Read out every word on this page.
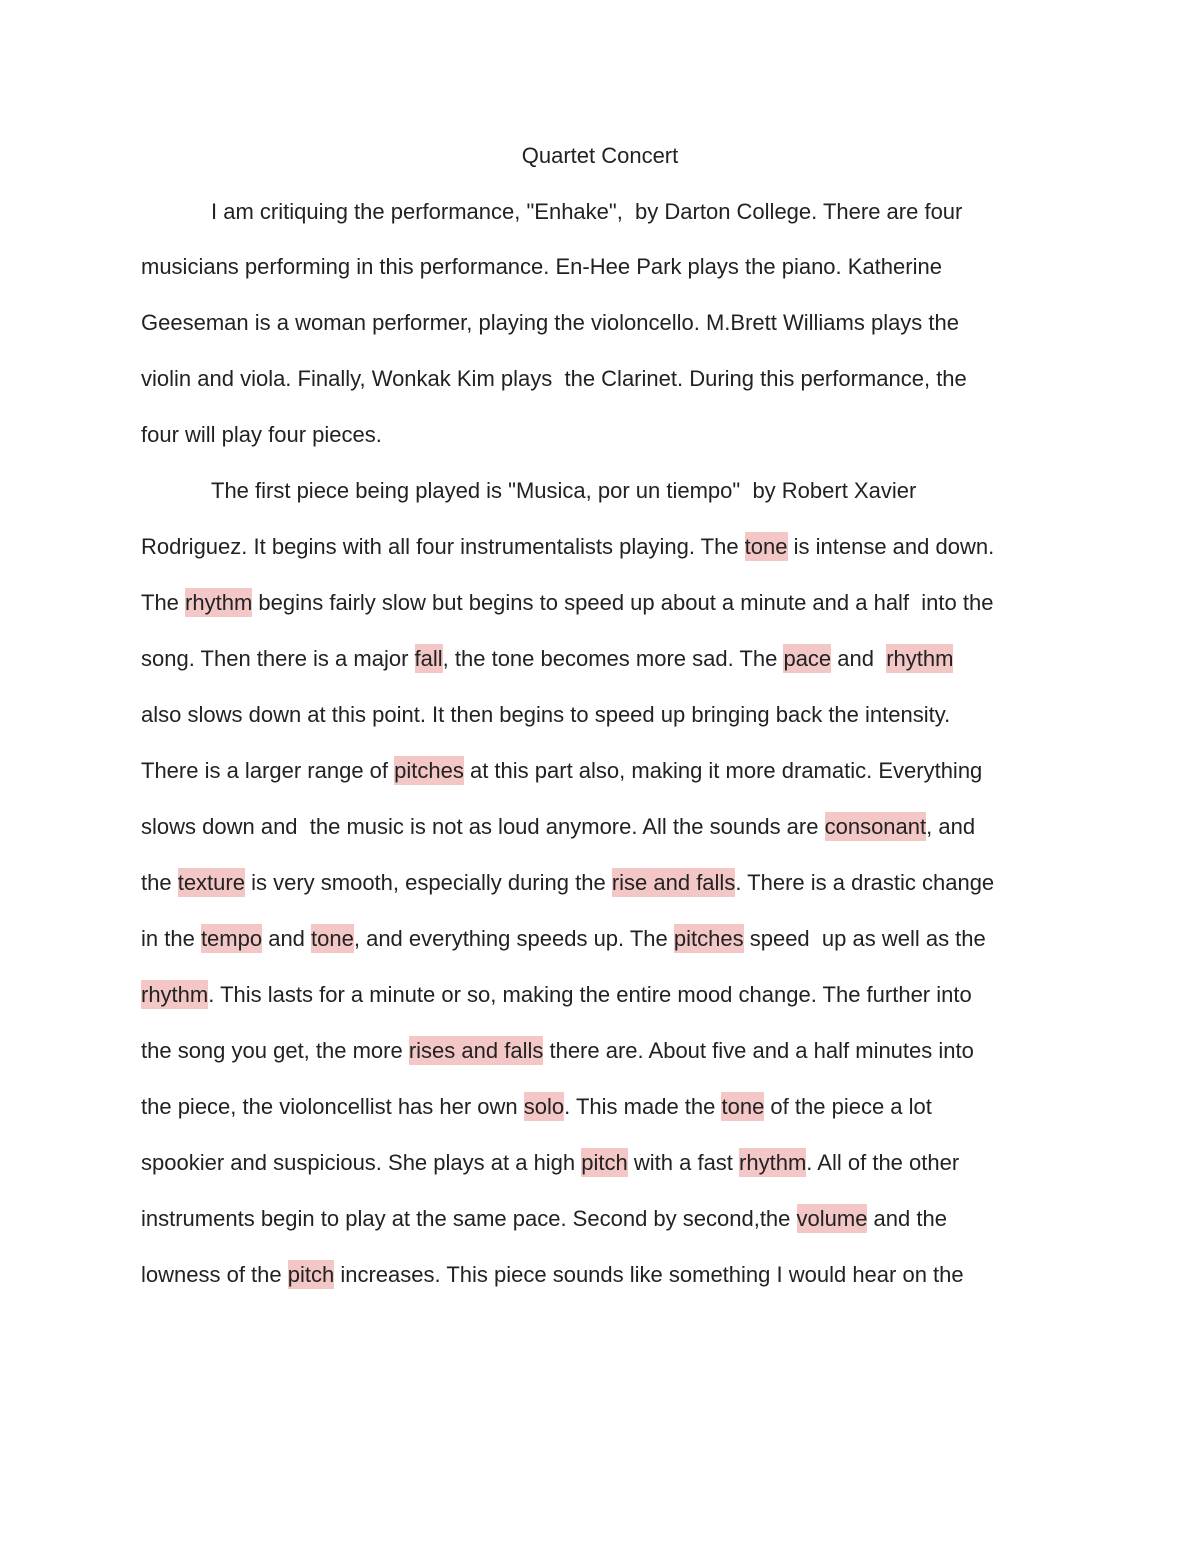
Quartet Concert
I am critiquing the performance, "Enhake",  by Darton College. There are four
musicians performing in this performance. En-Hee Park plays the piano. Katherine
Geeseman is a woman performer, playing the violoncello. M.Brett Williams plays the
violin and viola. Finally, Wonkak Kim plays  the Clarinet. During this performance, the
four will play four pieces.
The first piece being played is "Musica, por un tiempo"  by Robert Xavier
Rodriguez. It begins with all four instrumentalists playing. The tone is intense and down.
The rhythm begins fairly slow but begins to speed up about a minute and a half  into the
song. Then there is a major fall, the tone becomes more sad. The pace and  rhythm
also slows down at this point. It then begins to speed up bringing back the intensity.
There is a larger range of pitches at this part also, making it more dramatic. Everything
slows down and  the music is not as loud anymore. All the sounds are consonant, and
the texture is very smooth, especially during the rise and falls. There is a drastic change
in the tempo and tone, and everything speeds up. The pitches speed  up as well as the
rhythm. This lasts for a minute or so, making the entire mood change. The further into
the song you get, the more rises and falls there are. About five and a half minutes into
the piece, the violoncellist has her own solo. This made the tone of the piece a lot
spookier and suspicious. She plays at a high pitch with a fast rhythm. All of the other
instruments begin to play at the same pace. Second by second,the volume and the
lowness of the pitch increases. This piece sounds like something I would hear on the
